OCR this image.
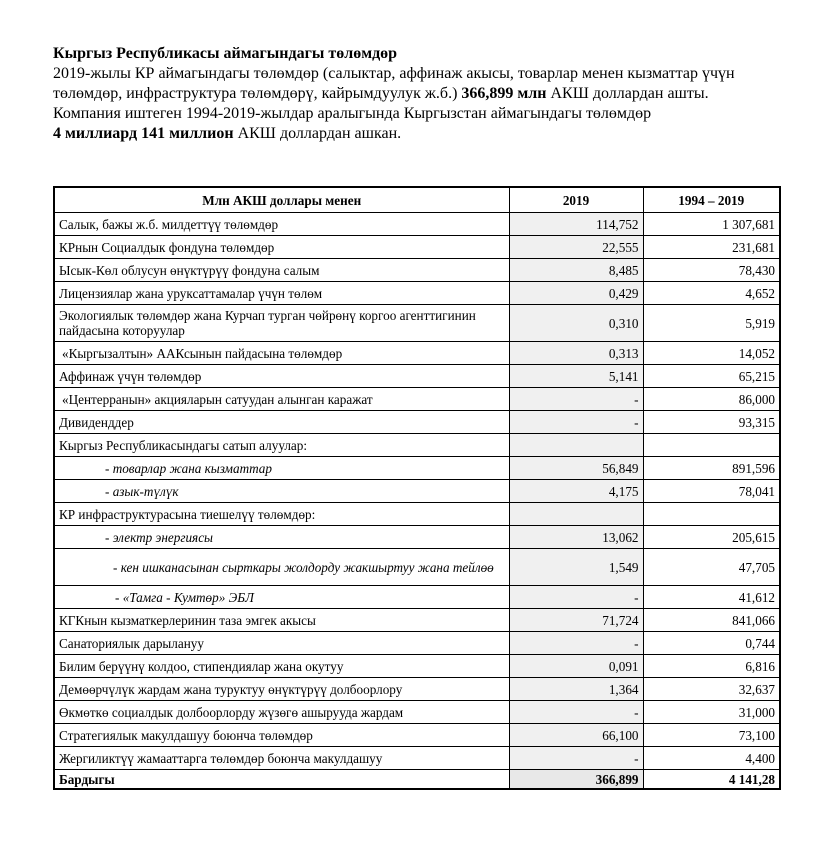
Кыргыз Республикасы аймагындагы төлөмдөр

2019-жылы КР аймагындагы төлөмдөр (салыктар, аффинаж акысы, товарлар менен кызматтар үчүн төлөмдөр, инфраструктура төлөмдөрү, кайрымдуулук ж.б.) 366,899 млн АКШ доллардан ашты.

Компания иштеген 1994-2019-жылдар аралыгында Кыргызстан аймагындагы төлөмдөр
4 миллиард 141 миллион АКШ доллардан ашкан.

Млн АКШ доллары менен	2019	1994 – 2019
Салык, бажы ж.б. милдеттүү төлөмдөр	114,752	1 307,681
КРнын Социалдык фондуна төлөмдөр	22,555	231,681
Ысык-Көл облусун өнүктүрүү фондуна салым	8,485	78,430
Лицензиялар жана уруксаттамалар үчүн төлөм	0,429	4,652
Экологиялык төлөмдөр жана Курчап турган чөйрөнү коргоо агенттигинин пайдасына которуулар	0,310	5,919
«Кыргызалтын» ААКсынын пайдасына төлөмдөр	0,313	14,052
Аффинаж үчүн төлөмдөр	5,141	65,215
«Центерранын» акцияларын сатуудан алынган каражат	-	86,000
Дивиденддер	-	93,315
Кыргыз Республикасындагы сатып алуулар:		
- товарлар жана кызматтар	56,849	891,596
- азык-түлүк	4,175	78,041
КР инфраструктурасына тиешелүү төлөмдөр:		
- электр энергиясы	13,062	205,615
- кен ишканасынан сырткары жолдорду жакшыртуу жана тейлөө	1,549	47,705
- «Тамга - Кумтөр» ЭБЛ	-	41,612
КГКнын кызматкерлеринин таза эмгек акысы	71,724	841,066
Санаториялык дарылануу	-	0,744
Билим берүүнү колдоо, стипендиялар жана окутуу	0,091	6,816
Демөөрчүлүк жардам жана туруктуу өнүктүрүү долбоорлору	1,364	32,637
Өкмөткө социалдык долбоорлорду жүзөгө ашырууда жардам	-	31,000
Стратегиялык макулдашуу боюнча төлөмдөр	66,100	73,100
Жергиликтүү жамааттарга төлөмдөр боюнча макулдашуу	-	4,400
Бардыгы	366,899	4 141,28
